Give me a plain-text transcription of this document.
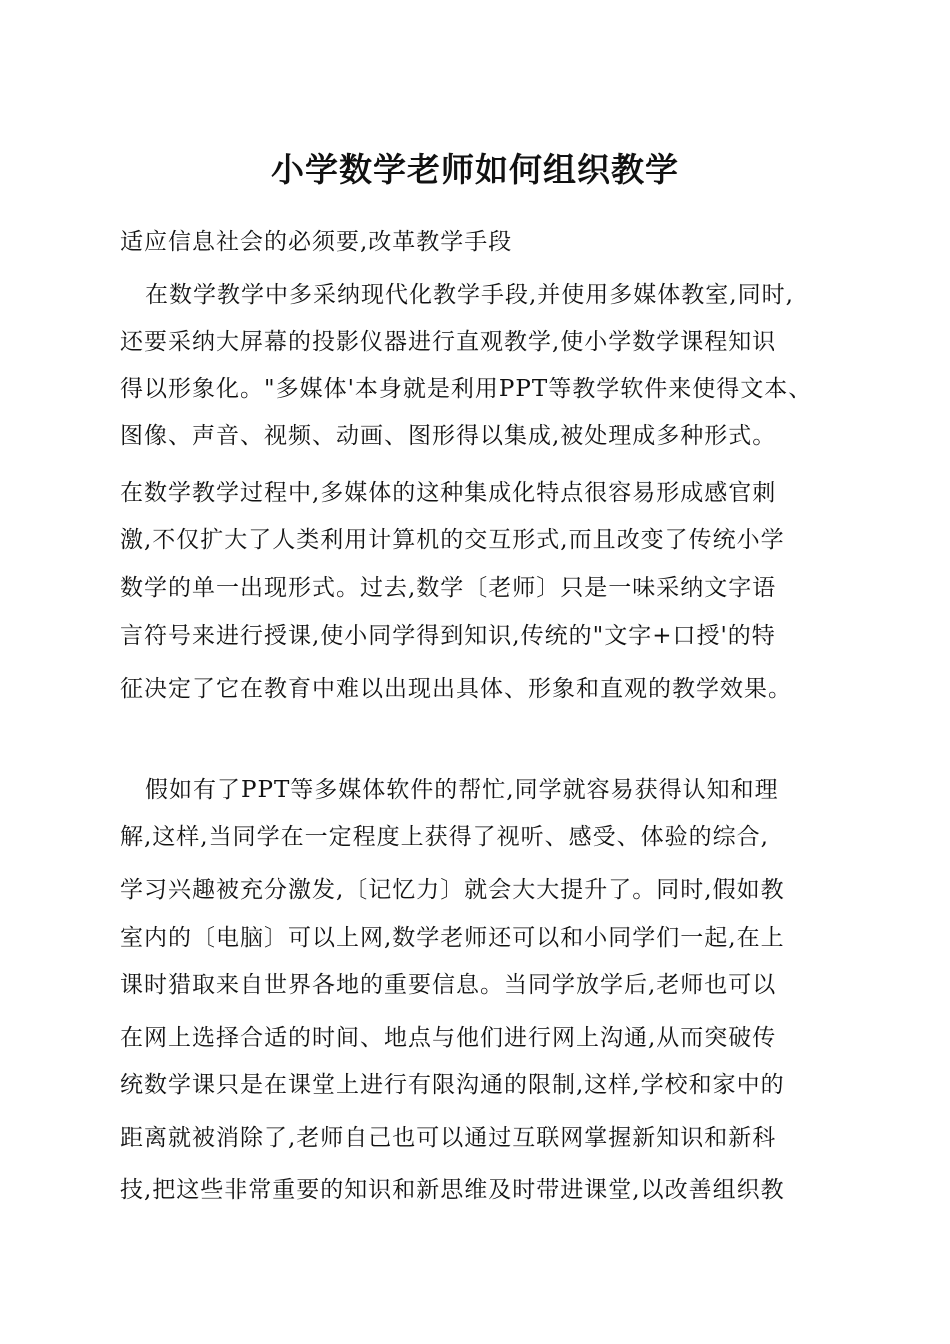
小学数学老师如何组织教学
适应信息社会的必须要,改革教学手段
在数学教学中多采纳现代化教学手段,并使用多媒体教室,同时,
还要采纳大屏幕的投影仪器进行直观教学,使小学数学课程知识
得以形象化。"多媒体'本身就是利用PPT等教学软件来使得文本、
图像、声音、视频、动画、图形得以集成,被处理成多种形式。
在数学教学过程中,多媒体的这种集成化特点很容易形成感官刺
激,不仅扩大了人类利用计算机的交互形式,而且改变了传统小学
数学的单一出现形式。过去,数学〔老师〕只是一味采纳文字语
言符号来进行授课,使小同学得到知识,传统的"文字+口授'的特
征决定了它在教育中难以出现出具体、形象和直观的教学效果。
假如有了PPT等多媒体软件的帮忙,同学就容易获得认知和理
解,这样,当同学在一定程度上获得了视听、感受、体验的综合,
学习兴趣被充分激发,〔记忆力〕就会大大提升了。同时,假如教
室内的〔电脑〕可以上网,数学老师还可以和小同学们一起,在上
课时猎取来自世界各地的重要信息。当同学放学后,老师也可以
在网上选择合适的时间、地点与他们进行网上沟通,从而突破传
统数学课只是在课堂上进行有限沟通的限制,这样,学校和家中的
距离就被消除了,老师自己也可以通过互联网掌握新知识和新科
技,把这些非常重要的知识和新思维及时带进课堂,以改善组织教
